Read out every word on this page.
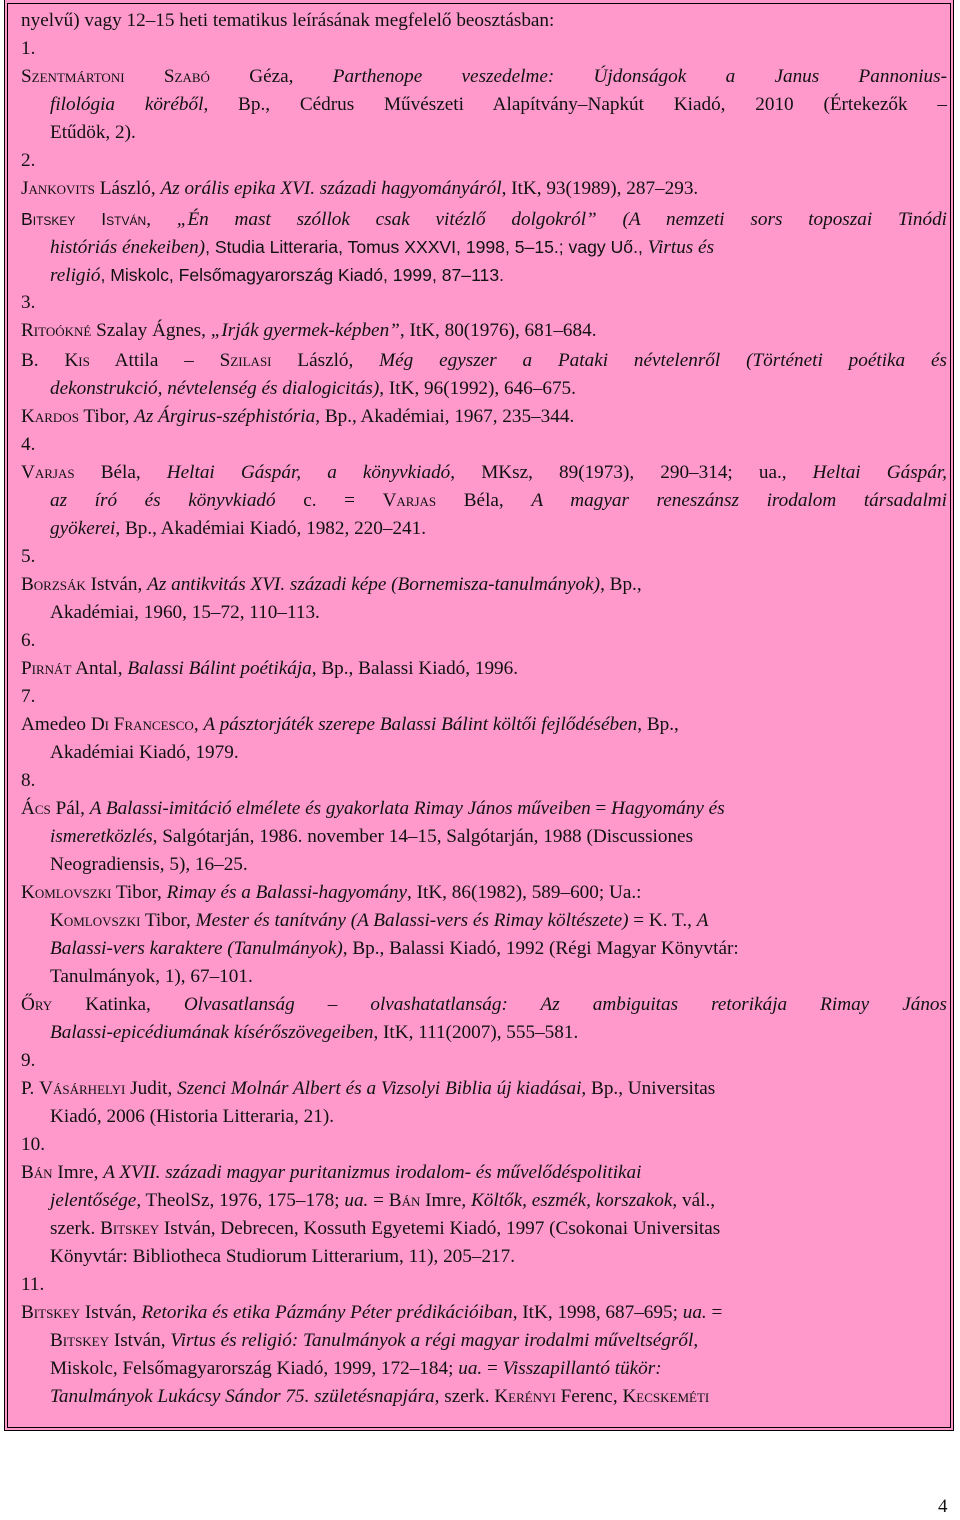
nyelvű) vagy 12–15 heti tematikus leírásának megfelelő beosztásban:
1.
Szentmártoni Szabó Géza, Parthenope veszedelme: Újdonságok a Janus Pannonius-
filológia köréből, Bp., Cédrus Művészeti Alapítvány–Napkút Kiadó, 2010 (Értekezők –
Etűdök, 2).
2.
Jankovits László, Az orális epika XVI. századi hagyományáról, ItK, 93(1989), 287–293.
Bitskey István, „Én mast szóllok csak vitézlő dolgokról” (A nemzeti sors toposzai Tinódi
históriás énekeiben), Studia Litteraria, Tomus XXXVI, 1998, 5–15.; vagy Uő., Virtus és
religió, Miskolc, Felsőmagyarország Kiadó, 1999, 87–113.
3.
Ritoókné Szalay Ágnes, „Irják gyermek-képben”, ItK, 80(1976), 681–684.
B. Kis Attila – Szilasi László, Még egyszer a Pataki névtelenről (Történeti poétika és
dekonstrukció, névtelenség és dialogicitás), ItK, 96(1992), 646–675.
Kardos Tibor, Az Árgirus-széphistória, Bp., Akadémiai, 1967, 235–344.
4.
Varjas Béla, Heltai Gáspár, a könyvkiadó, MKsz, 89(1973), 290–314; ua., Heltai Gáspár,
az író és könyvkiadó c. = Varjas Béla, A magyar reneszánsz irodalom társadalmi
gyökerei, Bp., Akadémiai Kiadó, 1982, 220–241.
5.
Borzsák István, Az antikvitás XVI. századi képe (Bornemisza-tanulmányok), Bp.,
Akadémiai, 1960, 15–72, 110–113.
6.
Pirnát Antal, Balassi Bálint poétikája, Bp., Balassi Kiadó, 1996.
7.
Amedeo Di Francesco, A pásztorjáték szerepe Balassi Bálint költői fejlődésében, Bp.,
Akadémiai Kiadó, 1979.
8.
Ács Pál, A Balassi-imitáció elmélete és gyakorlata Rimay János műveiben = Hagyomány és
ismeretközlés, Salgótarján, 1986. november 14–15, Salgótarján, 1988 (Discussiones
Neogradiensis, 5), 16–25.
Komlovszki Tibor, Rimay és a Balassi-hagyomány, ItK, 86(1982), 589–600; Ua.:
Komlovszki Tibor, Mester és tanítvány (A Balassi-vers és Rimay költészete) = K. T., A
Balassi-vers karaktere (Tanulmányok), Bp., Balassi Kiadó, 1992 (Régi Magyar Könyvtár:
Tanulmányok, 1), 67–101.
Őry Katinka, Olvasatlanság – olvashatatlanság: Az ambiguitas retorikája Rimay János
Balassi-epicédiumának kísérőszövegeiben, ItK, 111(2007), 555–581.
9.
P. Vásárhelyi Judit, Szenci Molnár Albert és a Vizsolyi Biblia új kiadásai, Bp., Universitas
Kiadó, 2006 (Historia Litteraria, 21).
10.
Bán Imre, A XVII. századi magyar puritanizmus irodalom- és művelődéspolitikai
jelentősége, TheolSz, 1976, 175–178; ua. = Bán Imre, Költők, eszmék, korszakok, vál.,
szerk. Bitskey István, Debrecen, Kossuth Egyetemi Kiadó, 1997 (Csokonai Universitas
Könyvtár: Bibliotheca Studiorum Litterarium, 11), 205–217.
11.
Bitskey István, Retorika és etika Pázmány Péter prédikációiban, ItK, 1998, 687–695; ua. =
Bitskey István, Virtus és religió: Tanulmányok a régi magyar irodalmi műveltségről,
Miskolc, Felsőmagyarország Kiadó, 1999, 172–184; ua. = Visszapillantó tükör:
Tanulmányok Lukácsy Sándor 75. születésnapjára, szerk. Kerényi Ferenc, Kecskeméti
4
